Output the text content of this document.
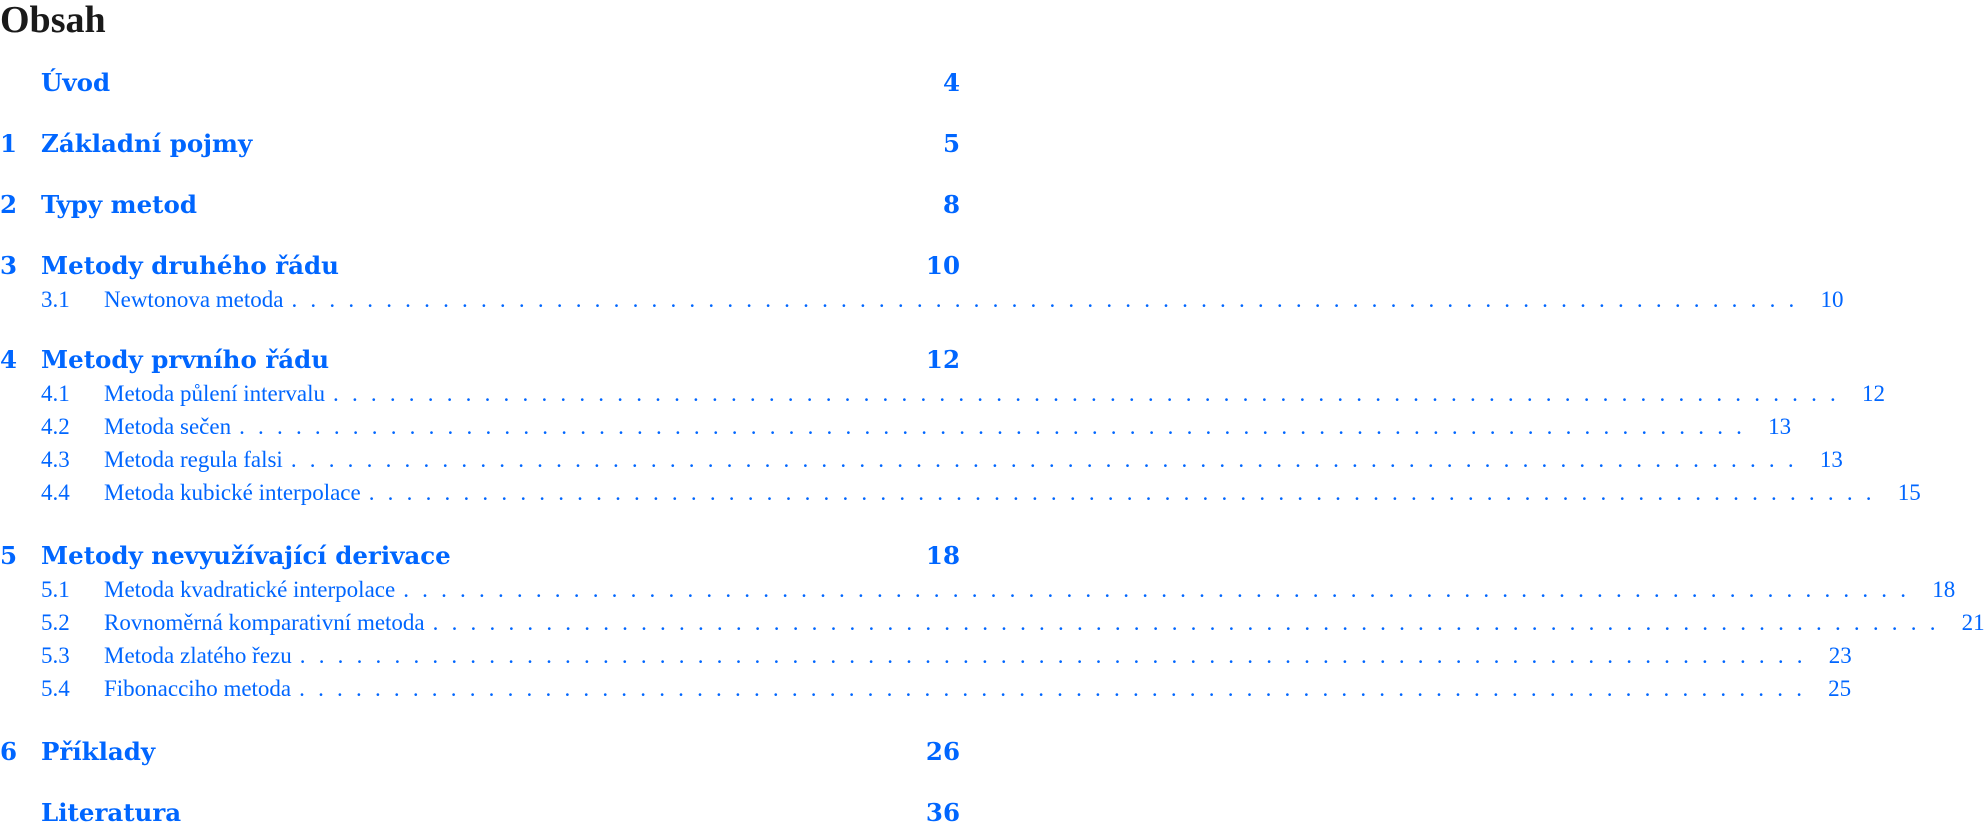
Obsah
Úvod	4
1 Základní pojmy	5
2 Typy metod	8
3 Metody druhého řádu	10
3.1	Newtonova metoda ................................................................................ 10
4 Metody prvního řádu	12
4.1	Metoda půlení intervalu ................................................................................ 12
4.2	Metoda sečen ................................................................................ 13
4.3	Metoda regula falsi ................................................................................ 13
4.4	Metoda kubické interpolace ................................................................................ 15
5 Metody nevyužívající derivace	18
5.1	Metoda kvadratické interpolace ................................................................................ 18
5.2	Rovnoměrná komparativní metoda ................................................................................ 21
5.3	Metoda zlatého řezu ................................................................................ 23
5.4	Fibonacciho metoda ................................................................................ 25
6 Příklady	26
Literatura	36
